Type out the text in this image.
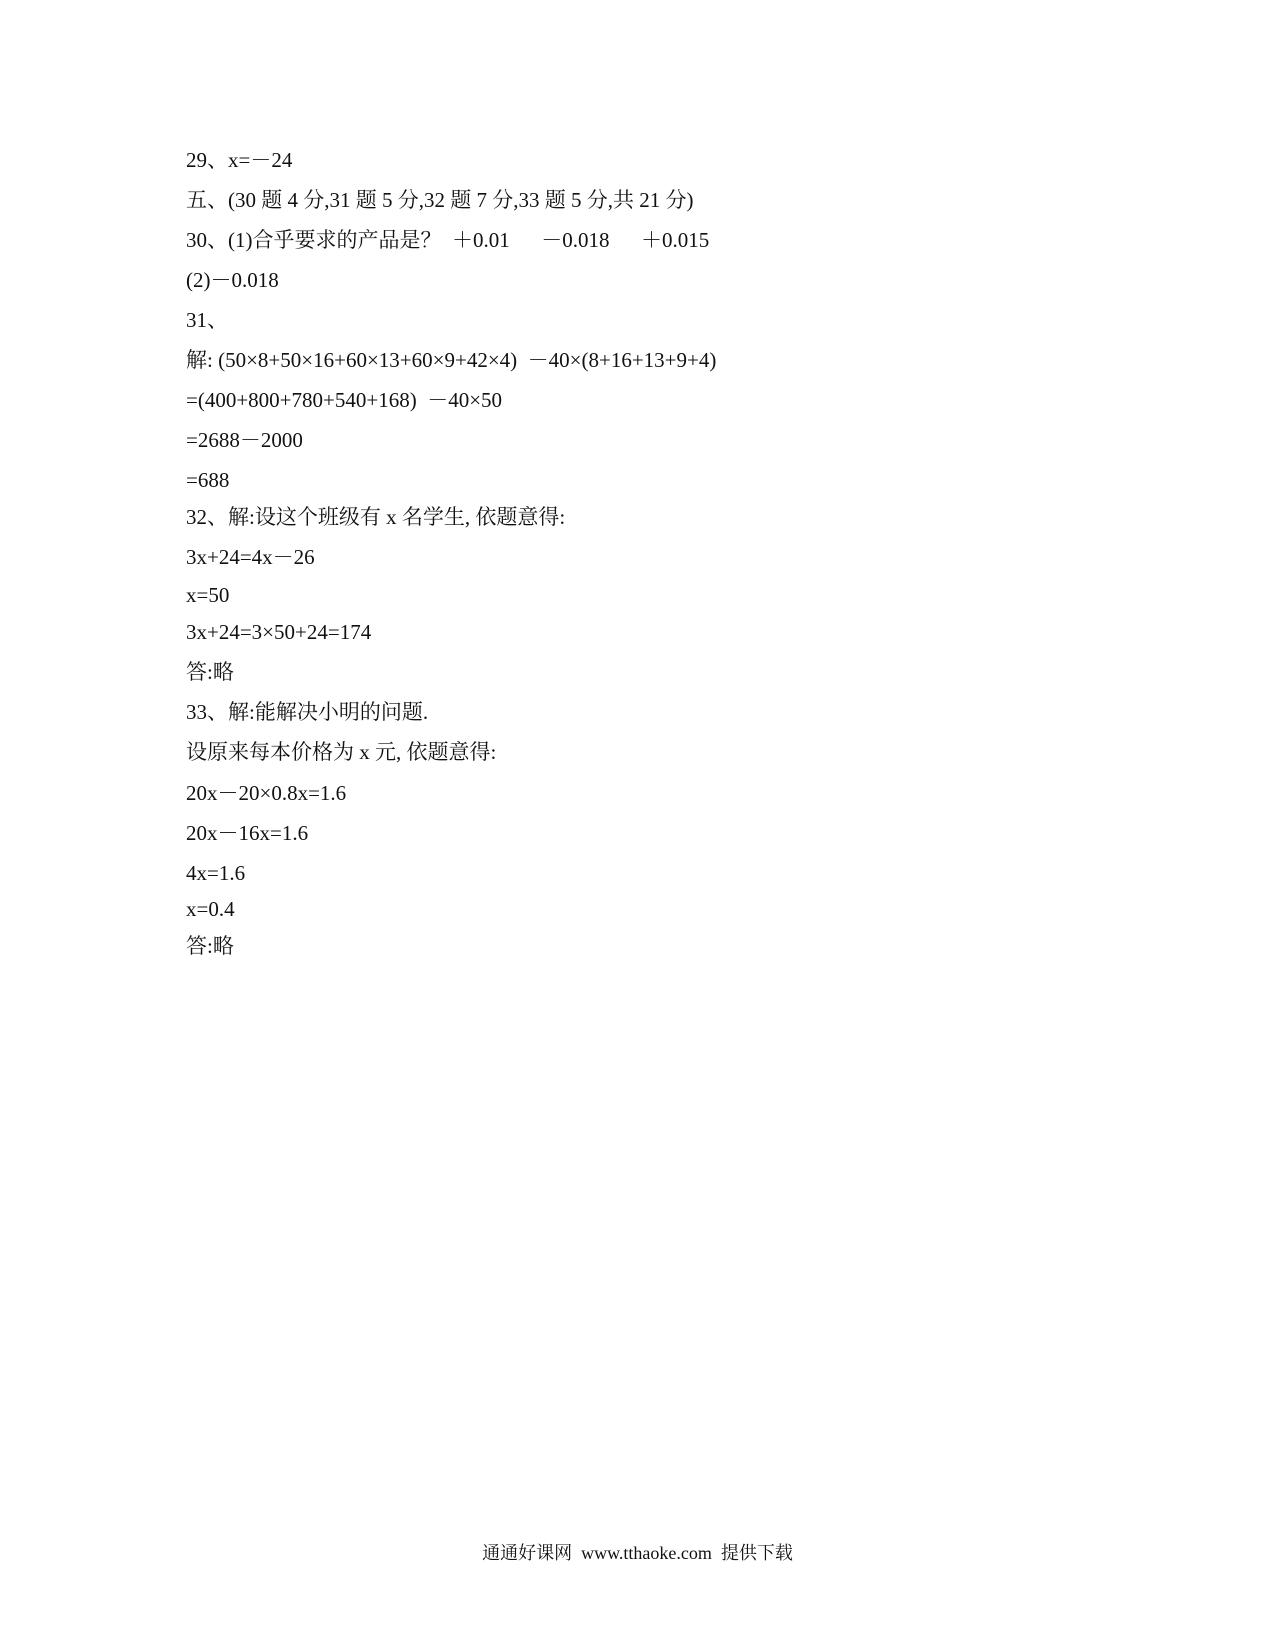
29、x=－24

五、(30 题 4 分,31 题 5 分,32 题 7 分,33 题 5 分,共 21 分)

30、(1)合乎要求的产品是？  ＋0.01      －0.018      ＋0.015

(2)－0.018

31、

解: (50×8+50×16+60×13+60×9+42×4)  －40×(8+16+13+9+4)

=(400+800+780+540+168)  －40×50

=2688－2000

=688

32、解:设这个班级有 x 名学生, 依题意得:

3x+24=4x－26

x=50

3x+24=3×50+24=174

答:略

33、解:能解决小明的问题.

设原来每本价格为 x 元, 依题意得:

20x－20×0.8x=1.6

20x－16x=1.6

4x=1.6

x=0.4

答:略

通通好课网  www.tthaoke.com  提供下载
